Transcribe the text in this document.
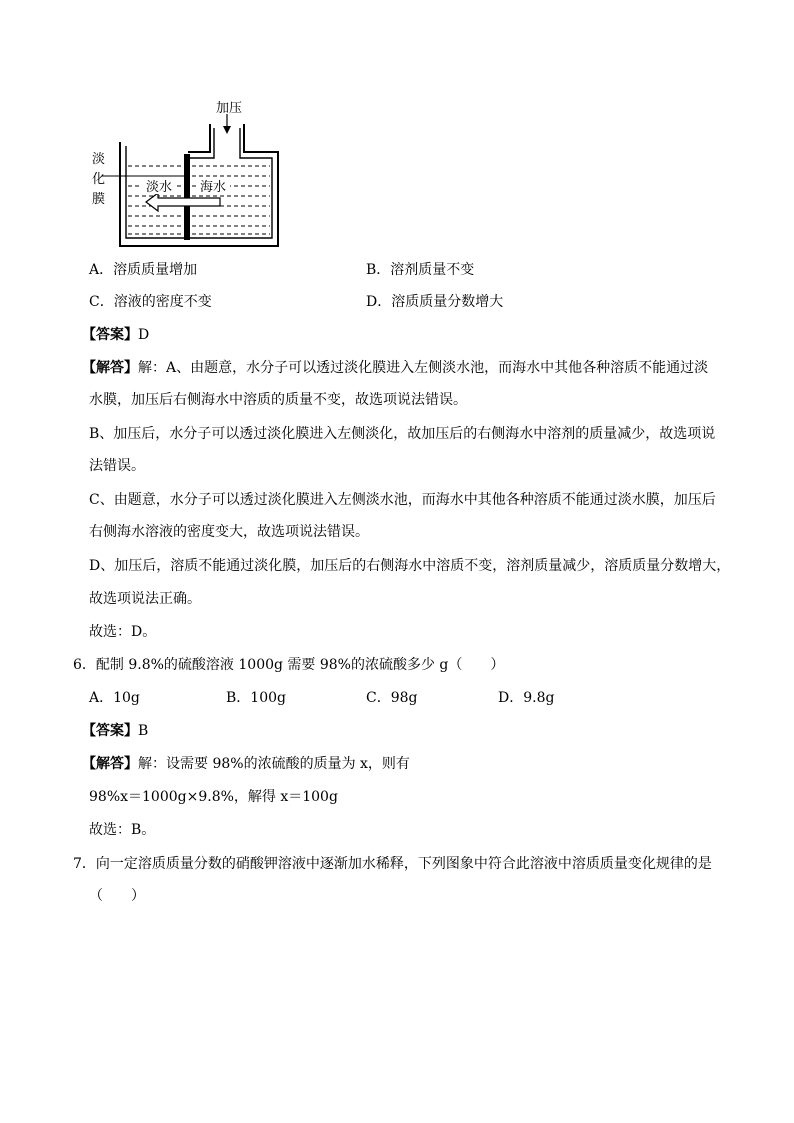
加压
淡
化
膜
淡水 海水
A．溶质质量增加	B．溶剂质量不变
C．溶液的密度不变	D．溶质质量分数增大
【答案】D
【解答】解：A、由题意，水分子可以透过淡化膜进入左侧淡水池，而海水中其他各种溶质不能通过淡
水膜，加压后右侧海水中溶质的质量不变，故选项说法错误。
B、加压后，水分子可以透过淡化膜进入左侧淡化，故加压后的右侧海水中溶剂的质量减少，故选项说
法错误。
C、由题意，水分子可以透过淡化膜进入左侧淡水池，而海水中其他各种溶质不能通过淡水膜，加压后
右侧海水溶液的密度变大，故选项说法错误。
D、加压后，溶质不能通过淡化膜，加压后的右侧海水中溶质不变，溶剂质量减少，溶质质量分数增大，
故选项说法正确。
故选：D。
6．配制 9.8%的硫酸溶液 1000g 需要 98%的浓硫酸多少 g（　　）
A．10g	B．100g	C．98g	D．9.8g
【答案】B
【解答】解：设需要 98%的浓硫酸的质量为 x，则有
98%x＝1000g×9.8%，解得 x＝100g
故选：B。
7．向一定溶质质量分数的硝酸钾溶液中逐渐加水稀释，下列图象中符合此溶液中溶质质量变化规律的是
（　　）
